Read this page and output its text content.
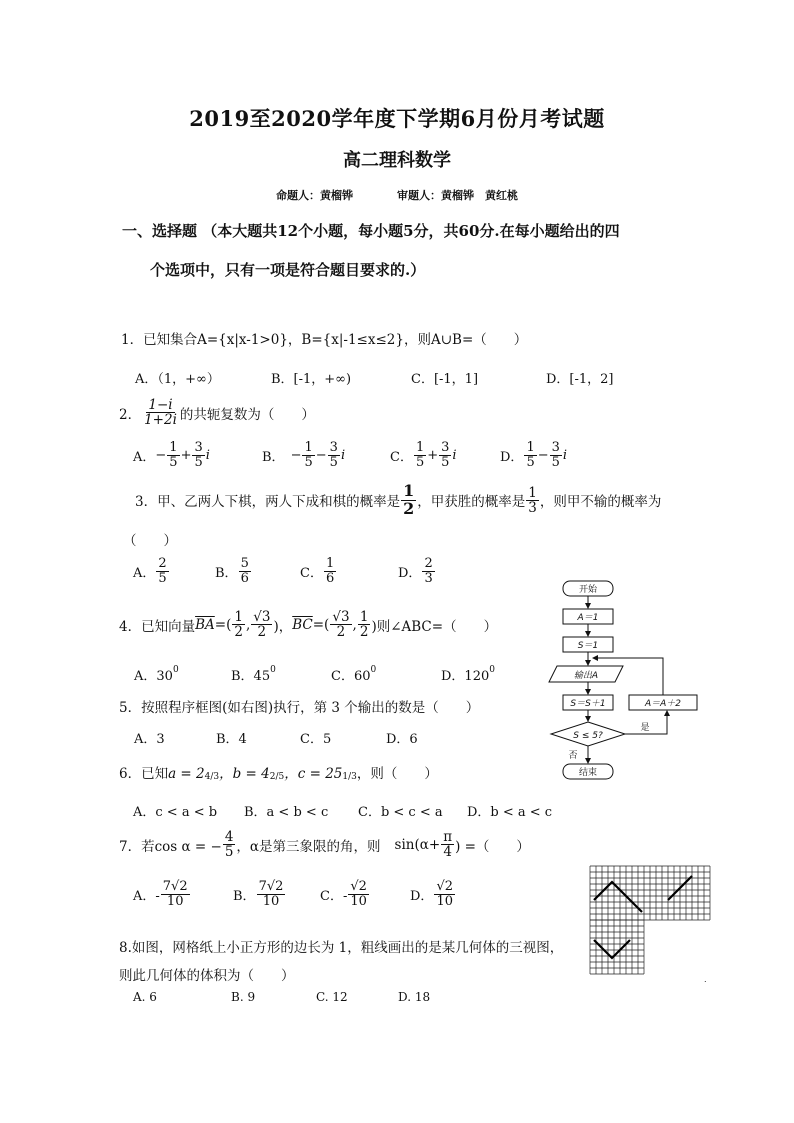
2019至2020学年度下学期6月份月考试题
高二理科数学
命题人：黄榴铧　　　　审题人：黄榴铧　黄红桃
一、选择题 （本大题共12个小题，每小题5分，共60分.在每小题给出的四
个选项中，只有一项是符合题目要求的.）
1．已知集合A={x|x-1>0}，B={x|-1≤x≤2}，则A∪B=（　　）
A．（1，+∞）	B．[-1，+∞)	C．[-1，1]	D．[-1，2]
2． $\frac{1-i}{1+2i}$ 的共轭复数为（　　）
A． − $\frac{1}{5} + \frac{3}{5}$ i	B． − $\frac{1}{5} - \frac{3}{5}$ i	C． $\frac{1}{5} + \frac{3}{5}$ i	D． $\frac{1}{5} - \frac{3}{5}$ i
3．甲、乙两人下棋，两人下成和棋的概率是 $\frac{1}{2}$ ，甲获胜的概率是 $\frac{1}{3}$ ，则甲不输的概率为
（　　）
A． $\frac{2}{5}$	B． $\frac{5}{6}$	C． $\frac{1}{6}$	D． $\frac{2}{3}$
4．已知向量 $\overline{BA}$ =( $\frac{1}{2}$ , $\frac{√3}{2}$ )， $\overline{BC}$ =( $\frac{√3}{2}$ , $\frac{1}{2}$ )则∠ABC=（　　）
A．$30^0$	B．$45^0$	C．$60^0$	D．$120^0$
5．按照程序框图(如右图)执行，第 3 个输出的数是（　　）
A．3	B．4	C．5	D．6
开始
A＝1
S＝1
输出A
S＝S＋1	A＝A＋2
S ≤ 5?
是
否
结束
6．已知 a = 2 4/3 ，b = 4 2/5 ，c = 25 1/3 ，则（　　）
A．c < a < b B．a < b < c C．b < c < a D．b < a < c
7．若cos α = − $\frac{4}{5}$ ，α是第三象限的角，则 $\sin(\alpha+ \frac{\pi}{4}$ ) =（　　）
A．- $\frac{7√2}{10}$	B． $\frac{7√2}{10}$	C．- $\frac{√2}{10}$	D． $\frac{√2}{10}$
.
8.如图，网格纸上小正方形的边长为 1，粗线画出的是某几何体的三视图，
则此几何体的体积为（　　）
A. 6	B. 9	C. 12	D. 18
